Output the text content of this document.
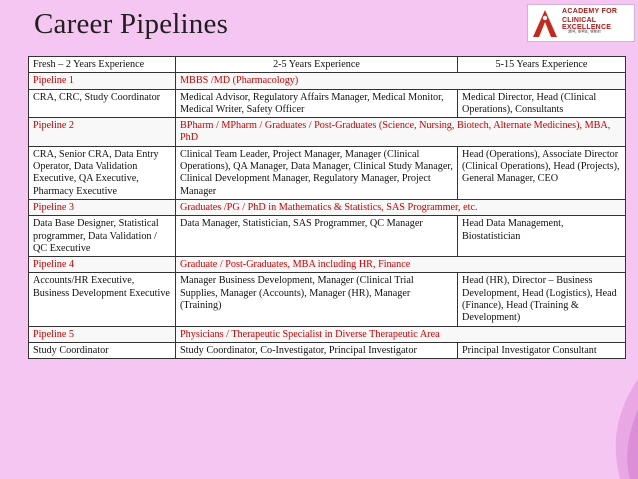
Career Pipelines	ACADEMY FOR
CLINICAL EXCELLENCE
ज्ञान, कर्मठ, श्रेष्ठता
Fresh – 2 Years Experience	2-5 Years Experience	5-15 Years Experience
Pipeline 1	MBBS /MD (Pharmacology)	
CRA, CRC, Study Coordinator	Medical Advisor, Regulatory Affairs Manager, Medical Monitor, Medical Writer, Safety Officer	Medical Director, Head (Clinical Operations), Consultants
Pipeline 2	BPharm / MPharm / Graduates / Post-Graduates (Science, Nursing, Biotech, Alternate Medicines), MBA, PhD	
CRA, Senior CRA, Data Entry Operator, Data Validation Executive, QA Executive, Pharmacy Executive	Clinical Team Leader, Project Manager, Manager (Clinical Operations), QA Manager, Data Manager, Clinical Study Manager, Clinical Development Manager, Regulatory Manager, Project Manager	Head (Operations), Associate Director (Clinical Operations), Head (Projects), General Manager, CEO
Pipeline 3	Graduates /PG / PhD in Mathematics & Statistics, SAS Programmer, etc.	
Data Base Designer, Statistical programmer, Data Validation / QC Executive	Data Manager, Statistician, SAS Programmer, QC Manager	Head Data Management, Biostatistician
Pipeline 4	Graduate / Post-Graduates, MBA including HR, Finance	
Accounts/HR Executive, Business Development Executive	Manager Business Development, Manager (Clinical Trial Supplies, Manager (Accounts), Manager (HR), Manager (Training)	Head (HR), Director – Business Development, Head (Logistics), Head (Finance), Head (Training & Development)
Pipeline 5	Physicians / Therapeutic Specialist in Diverse Therapeutic Area	
Study Coordinator	Study Coordinator, Co-Investigator, Principal Investigator	Principal Investigator Consultant
